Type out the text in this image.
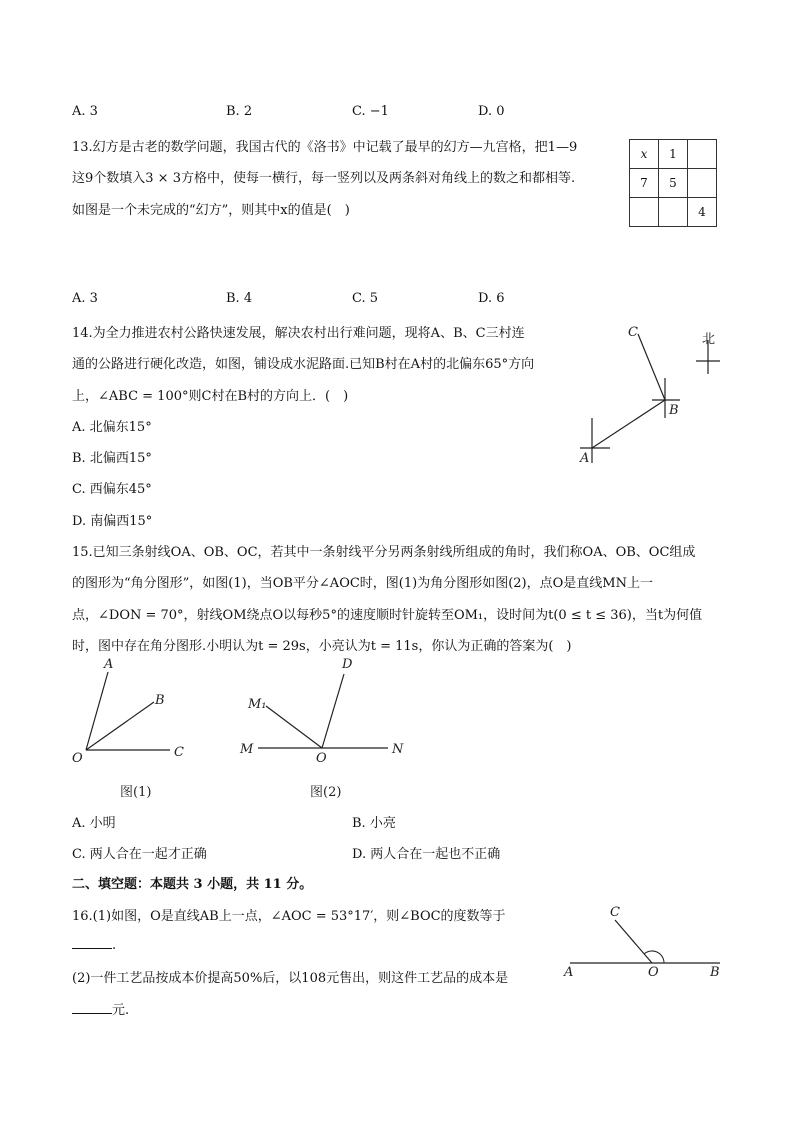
A. 3	B. 2	C. −1	D. 0
13.幻方是古老的数学问题，我国古代的《洛书》中记载了最早的幻方—九宫格，把1—9
这9个数填入3 × 3方格中，使每一横行，每一竖列以及两条斜对角线上的数之和都相等.
如图是一个未完成的“幻方”，则其中x的值是(　)
x	1	
7	5	
		4
A. 3	B. 4	C. 5	D. 6
14.为全力推进农村公路快速发展，解决农村出行难问题，现将A、B、C三村连
通的公路进行硬化改造，如图，铺设成水泥路面.已知B村在A村的北偏东65°方向
上，∠ABC = 100°则C村在B村的方向上．(　)
A. 北偏东15°
B. 北偏西15°
C. 西偏东45°
D. 南偏西15°
北
A
B
C
15.已知三条射线OA、OB、OC，若其中一条射线平分另两条射线所组成的角时，我们称OA、OB、OC组成
的图形为“角分图形”，如图(1)，当OB平分∠AOC时，图(1)为角分图形如图(2)，点O是直线MN上一
点，∠DON = 70°，射线OM绕点O以每秒5°的速度顺时针旋转至OM₁，设时间为t(0 ≤ t ≤ 36)，当t为何值
时，图中存在角分图形.小明认为t = 29s，小亮认为t = 11s，你认为正确的答案为(　)
A
B
O	C
图(1)
D
M₁
M
O
N
图(2)
A. 小明	B. 小亮
C. 两人合在一起才正确	D. 两人合在一起也不正确
二、填空题：本题共 3 小题，共 11 分。
16.(1)如图，O是直线AB上一点，∠AOC = 53°17′，则∠BOC的度数等于
.
(2)一件工艺品按成本价提高50%后，以108元售出，则这件工艺品的成本是
元.
C
A	O	B
